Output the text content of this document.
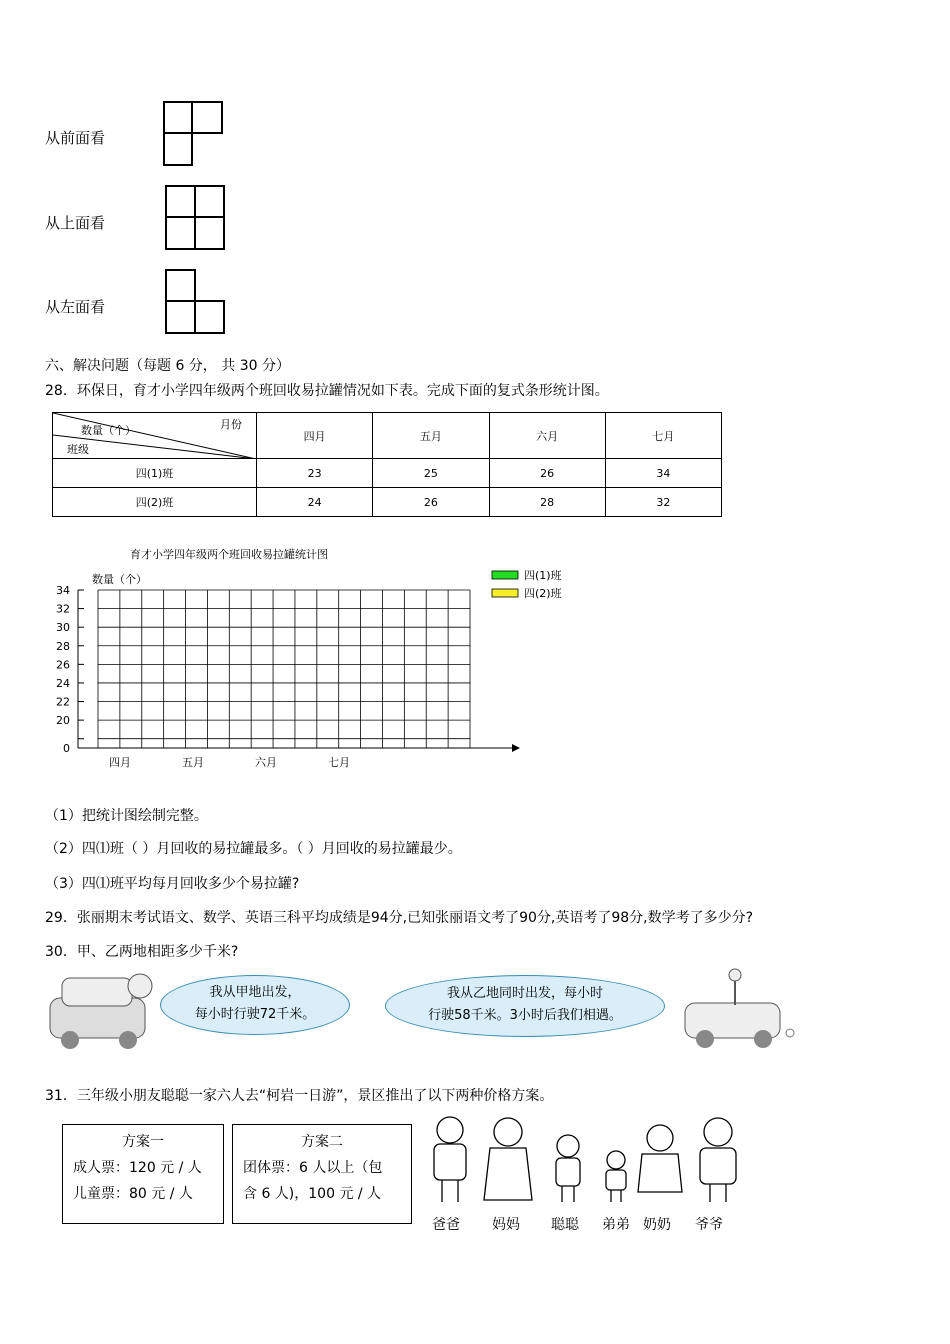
从前面看
从上面看
从左面看
六、解决问题（每题 6 分， 共 30 分）
28．环保日，育才小学四年级两个班回收易拉罐情况如下表。完成下面的复式条形统计图。
月份
数量（个）
班级	四月	五月	六月	七月
四(1)班	23	25	26	34
四(2)班	24	26	28	32
育才小学四年级两个班回收易拉罐统计图
34
32
30
28
26
24
22
20
0
四月	五月	六月	七月
数量（个）	四(1)班
四(2)班
（1）把统计图绘制完整。
（2）四⑴班（ ）月回收的易拉罐最多。（ ）月回收的易拉罐最少。
（3）四⑴班平均每月回收多少个易拉罐?
29．张丽期末考试语文、数学、英语三科平均成绩是94分,已知张丽语文考了90分,英语考了98分,数学考了多少分?
30．甲、乙两地相距多少千米?
我从甲地出发，
每小时行驶72千米。
我从乙地同时出发，每小时
行驶58千米。3小时后我们相遇。
31．三年级小朋友聪聪一家六人去“柯岩一日游”，景区推出了以下两种价格方案。
方案一
成人票：120 元 / 人
儿童票：80 元 / 人
方案二
团体票：6 人以上（包
含 6 人)，100 元 / 人
爸爸 妈妈 聪聪 弟弟 奶奶 爷爷
